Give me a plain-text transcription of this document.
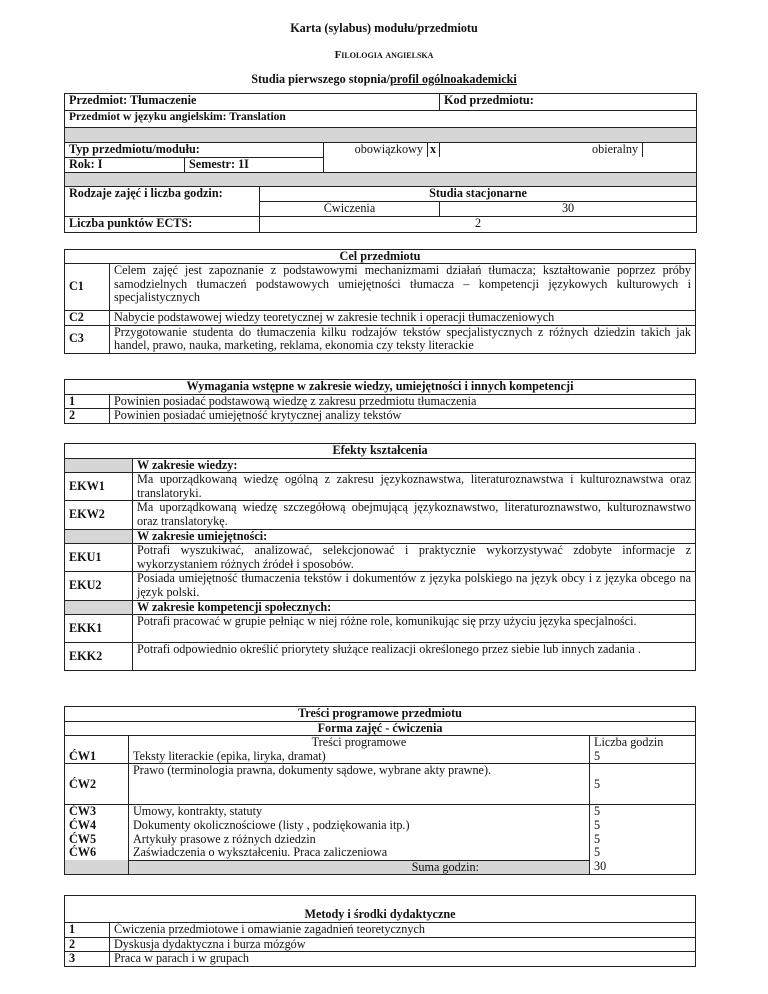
Karta (sylabus) modułu/przedmiotu
Filologia angielska
Studia pierwszego stopnia/profil ogólnoakademicki
Przedmiot: Tłumaczenie					Kod przedmiotu:	
Przedmiot w języku angielskim: Translation						

Typ przedmiotu/modułu:			obowiązkowy	x	obieralny	
Rok: I	Semestr: 1I					

Rodzaje zajęć i liczba godzin:		Studia stacjonarne				
		Ćwiczenia			30	
Liczba punktów ECTS:		2				
Cel przedmiotu	
C1	Celem zajęć jest zapoznanie z podstawowymi mechanizmami działań tłumacza; kształtowanie poprzez próby samodzielnych tłumaczeń podstawowych umiejętności tłumacza – kompetencji językowych kulturowych i specjalistycznych
C2	Nabycie podstawowej wiedzy teoretycznej w zakresie technik i operacji tłumaczeniowych
C3	Przygotowanie studenta do tłumaczenia kilku rodzajów tekstów specjalistycznych z różnych dziedzin takich jak handel, prawo, nauka, marketing, reklama, ekonomia czy teksty literackie
Wymagania wstępne w zakresie wiedzy, umiejętności i innych kompetencji	
1	Powinien posiadać podstawową wiedzę z zakresu przedmiotu tłumaczenia
2	Powinien posiadać umiejętność krytycznej analizy tekstów
Efekty kształcenia	
	W zakresie wiedzy:
EKW1	Ma uporządkowaną wiedzę ogólną z zakresu językoznawstwa, literaturoznawstwa i kulturoznawstwa oraz translatoryki.
EKW2	Ma uporządkowaną wiedzę szczegółową obejmującą językoznawstwo, literaturoznawstwo, kulturoznawstwo oraz translatorykę.
	W zakresie umiejętności:
EKU1	Potrafi wyszukiwać, analizować, selekcjonować i praktycznie wykorzystywać zdobyte informacje z wykorzystaniem różnych źródeł i sposobów.
EKU2	Posiada umiejętność tłumaczenia tekstów i dokumentów z języka polskiego na język obcy i z języka obcego na język polski.
	W zakresie kompetencji społecznych:
EKK1	Potrafi pracować w grupie pełniąc w niej różne role, komunikując się przy użyciu języka specjalności.
EKK2	Potrafi odpowiednio określić priorytety służące realizacji określonego przez siebie lub innych zadania .
Treści programowe przedmiotu		
Forma zajęć - ćwiczenia		
	Treści programowe	Liczba godzin
ĆW1	Teksty literackie (epika, liryka, dramat)	5
ĆW2	Prawo (terminologia prawna, dokumenty sądowe, wybrane akty prawne).	5
ĆW3	Umowy, kontrakty, statuty	5
ĆW4	Dokumenty okolicznościowe (listy , podziękowania itp.)	5
ĆW5	Artykuły prasowe z różnych dziedzin	5
ĆW6	Zaświadczenia o wykształceniu. Praca zaliczeniowa	5
	Suma godzin:	30
Metody i środki dydaktyczne	
1	Ćwiczenia przedmiotowe i omawianie zagadnień teoretycznych
2	Dyskusja dydaktyczna i burza mózgów
3	Praca w parach i w grupach
